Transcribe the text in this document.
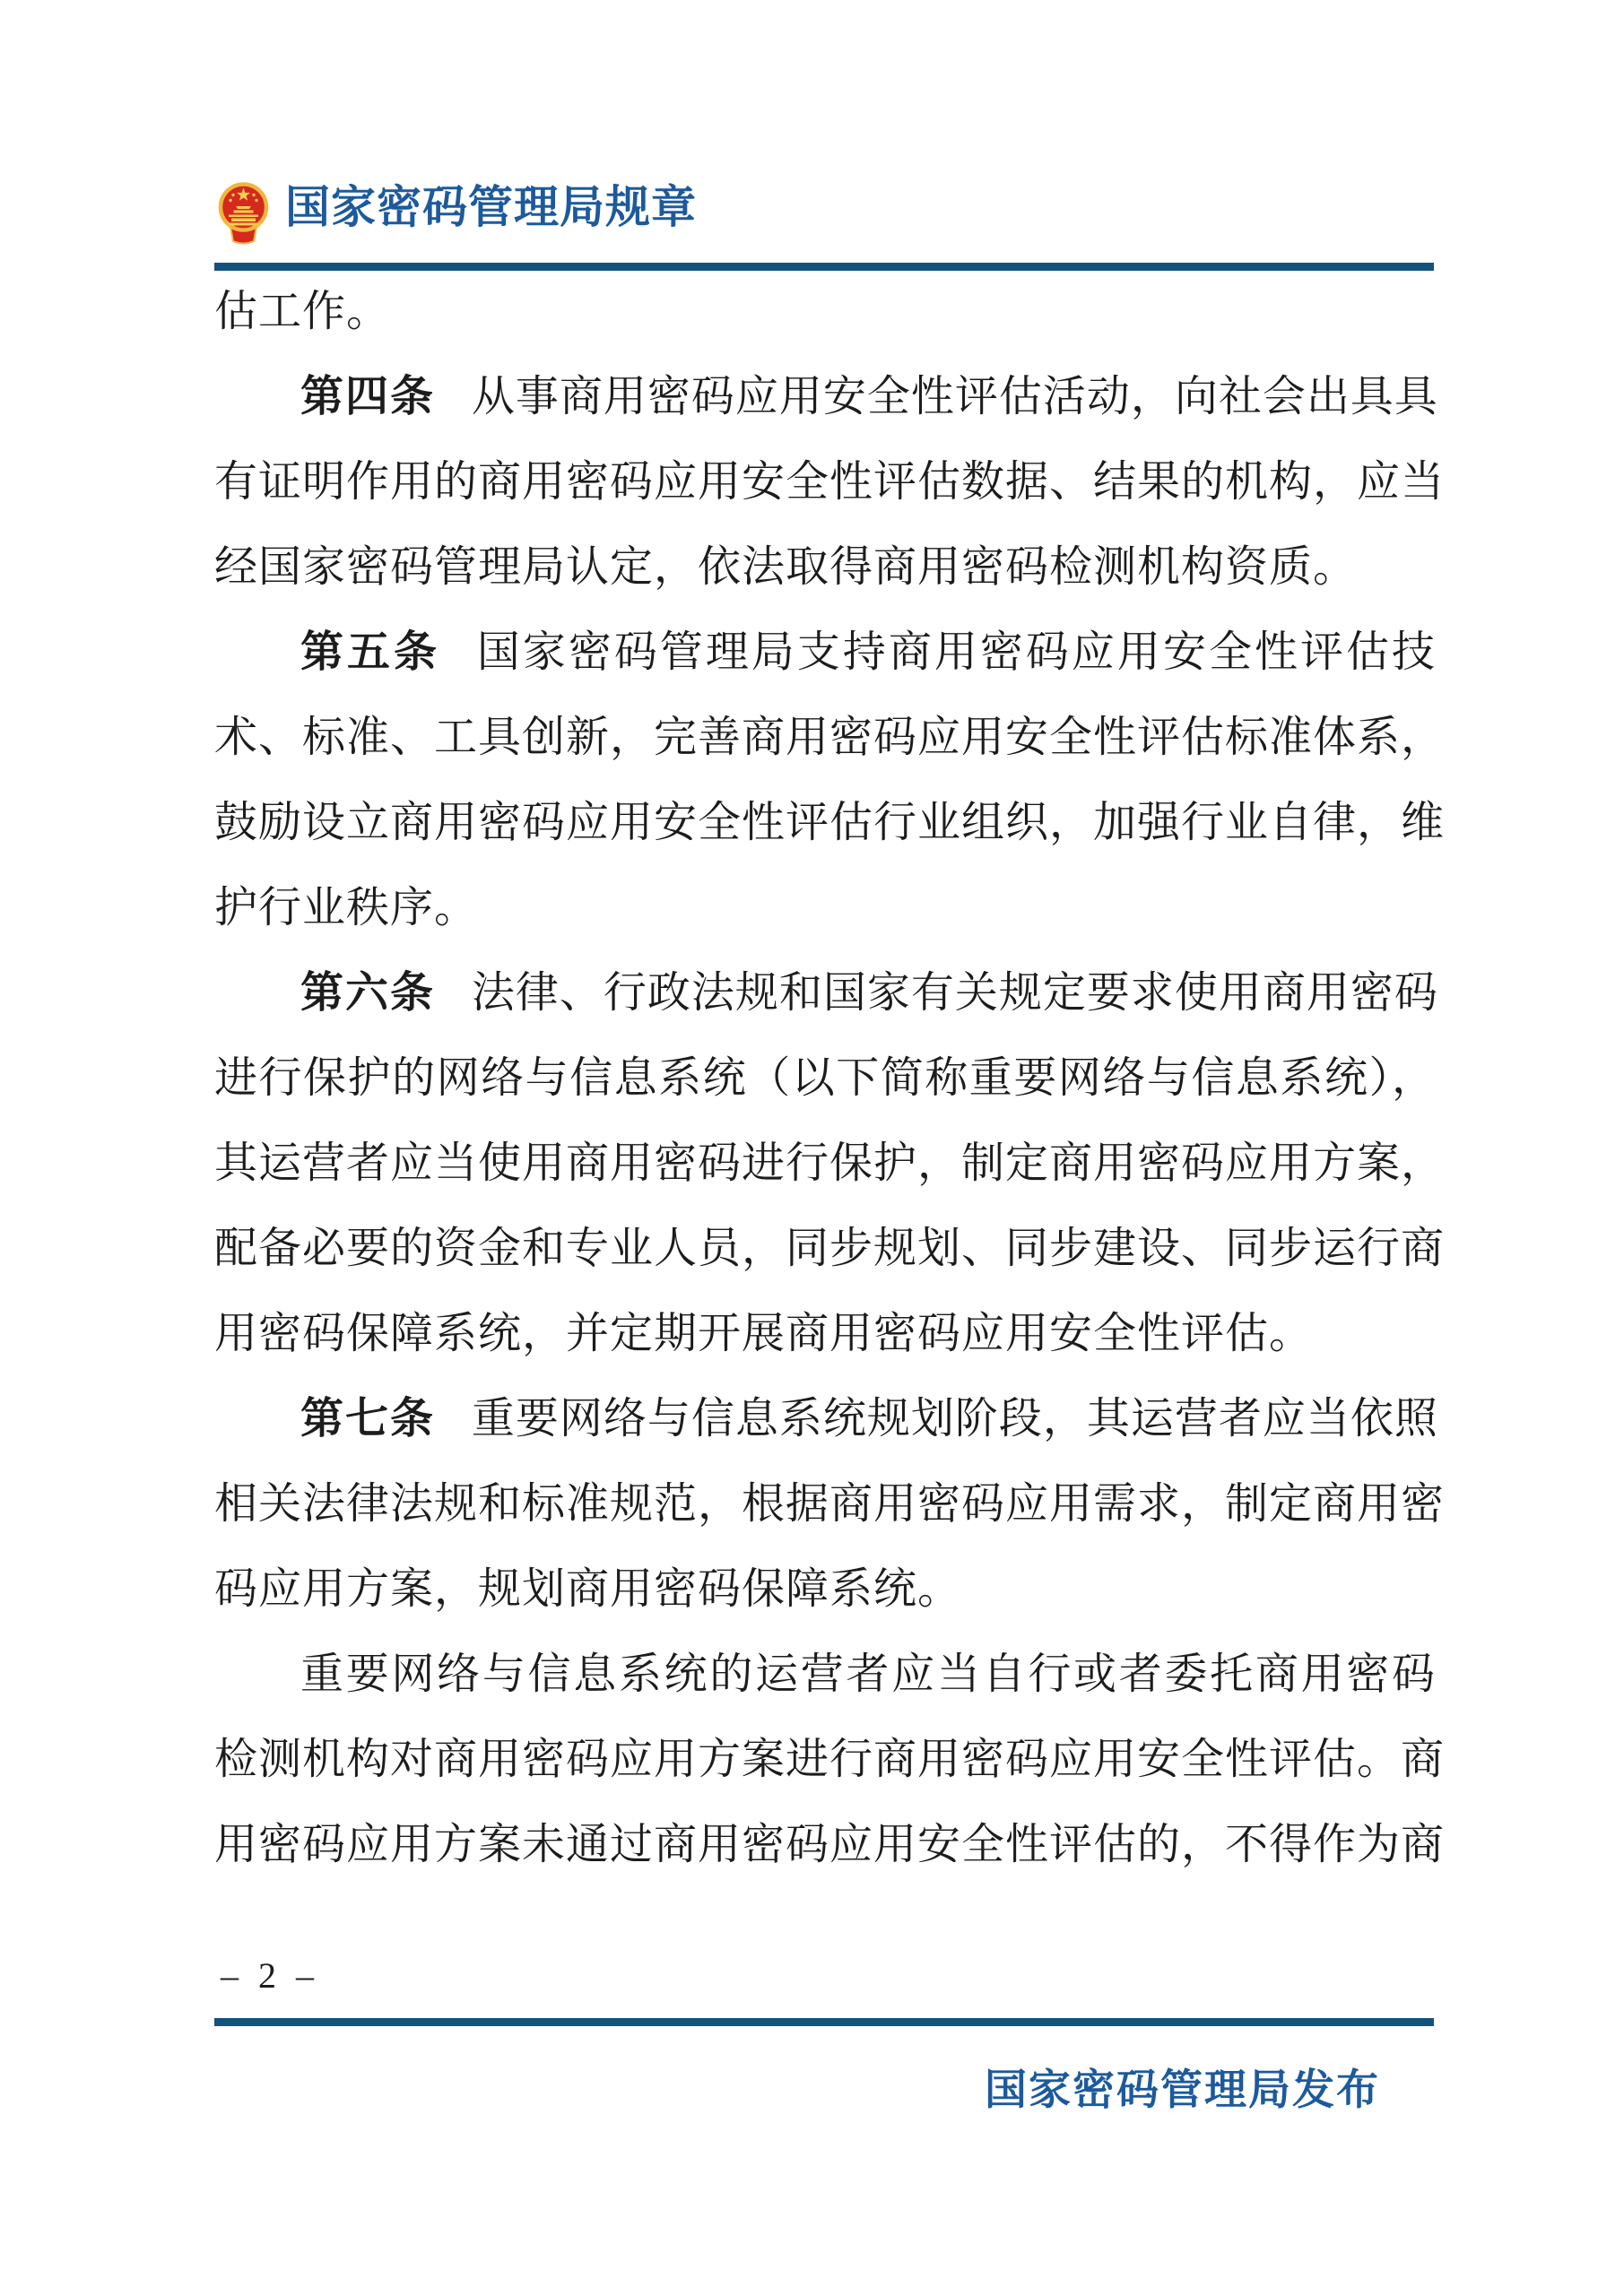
国家密码管理局规章
估工作。
第四条 从事商用密码应用安全性评估活动，向社会出具具
有证明作用的商用密码应用安全性评估数据、结果的机构，应当
经国家密码管理局认定，依法取得商用密码检测机构资质。
第五条 国家密码管理局支持商用密码应用安全性评估技
术、标准、工具创新，完善商用密码应用安全性评估标准体系，
鼓励设立商用密码应用安全性评估行业组织，加强行业自律，维
护行业秩序。
第六条 法律、行政法规和国家有关规定要求使用商用密码
进行保护的网络与信息系统（以下简称重要网络与信息系统），
其运营者应当使用商用密码进行保护，制定商用密码应用方案，
配备必要的资金和专业人员，同步规划、同步建设、同步运行商
用密码保障系统，并定期开展商用密码应用安全性评估。
第七条 重要网络与信息系统规划阶段，其运营者应当依照
相关法律法规和标准规范，根据商用密码应用需求，制定商用密
码应用方案，规划商用密码保障系统。
重要网络与信息系统的运营者应当自行或者委托商用密码
检测机构对商用密码应用方案进行商用密码应用安全性评估。商
用密码应用方案未通过商用密码应用安全性评估的，不得作为商
– 2 –
国家密码管理局发布
